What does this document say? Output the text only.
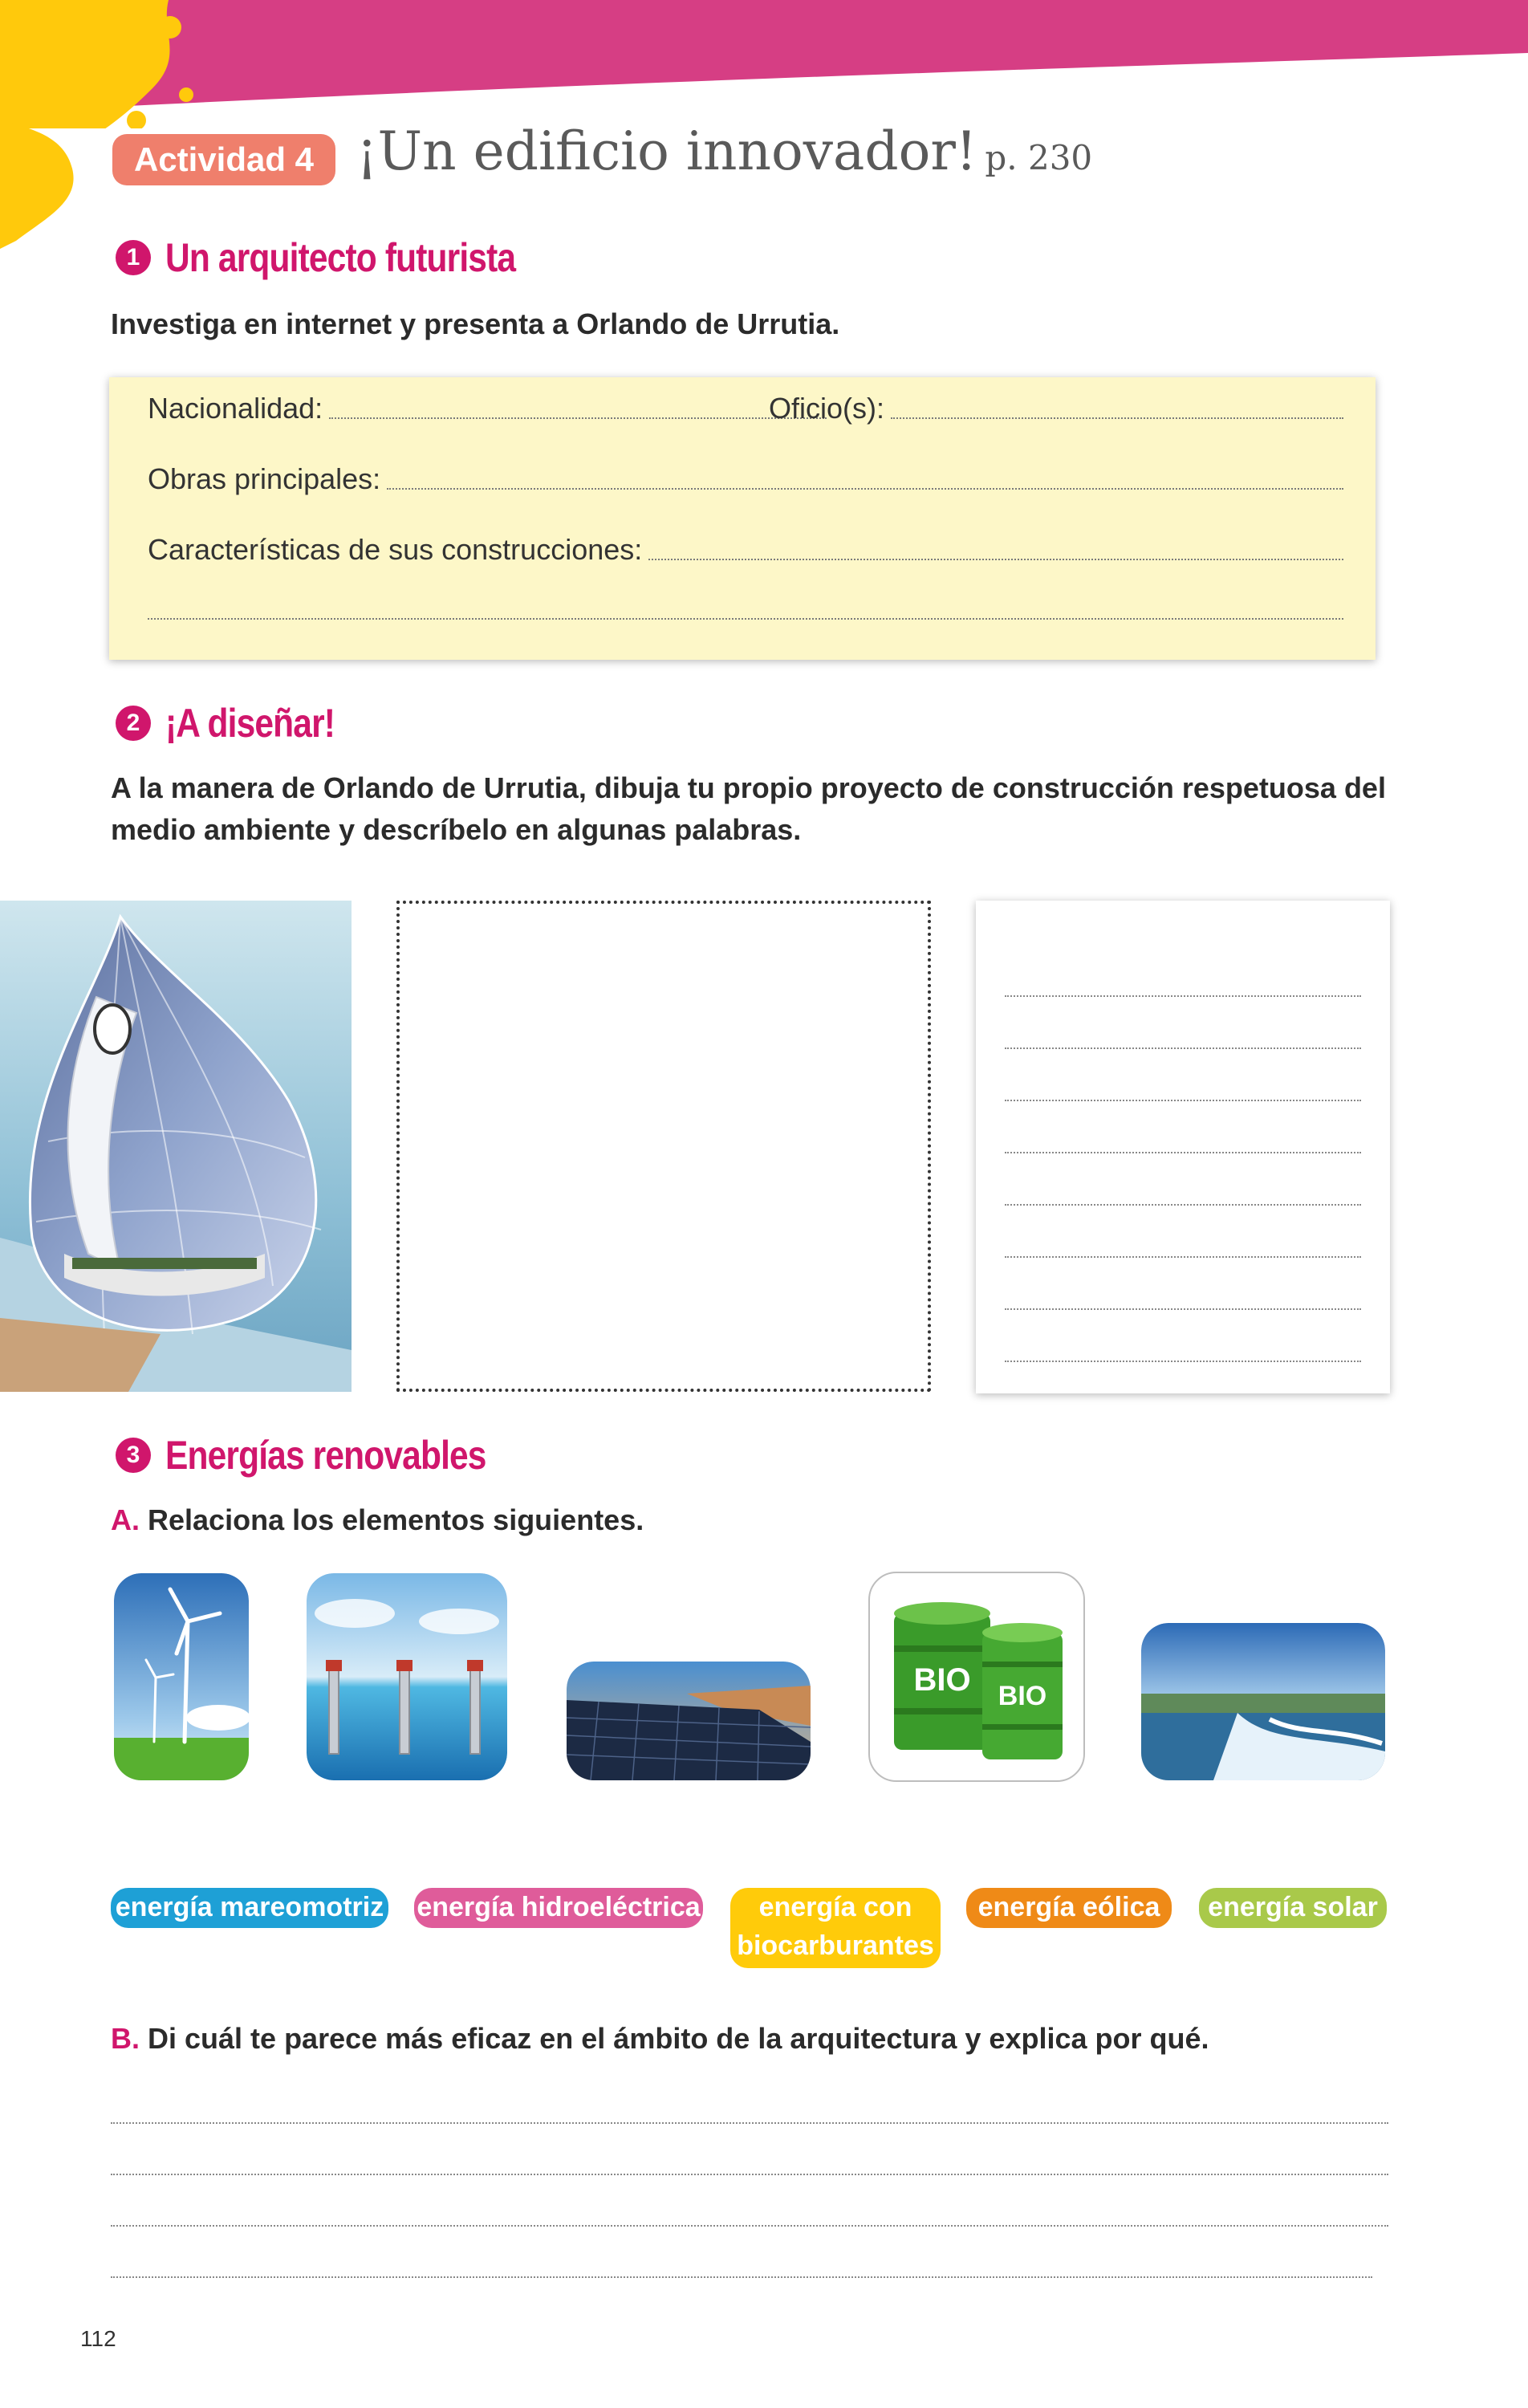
Actividad 4 ¡Un edificio innovador! p. 230
1 Un arquitecto futurista
Investiga en internet y presenta a Orlando de Urrutia.
Nacionalidad:	Oficio(s):
Obras principales:
Características de sus construcciones:
2 ¡A diseñar!
A la manera de Orlando de Urrutia, dibuja tu propio proyecto de construcción respetuosa del
medio ambiente y descríbelo en algunas palabras.
3 Energías renovables
A. Relaciona los elementos siguientes.
BIO BIO
energía mareomotriz energía hidroeléctrica	energía con
biocarburantes
energía eólica	energía solar
B. Di cuál te parece más eficaz en el ámbito de la arquitectura y explica por qué.
112
